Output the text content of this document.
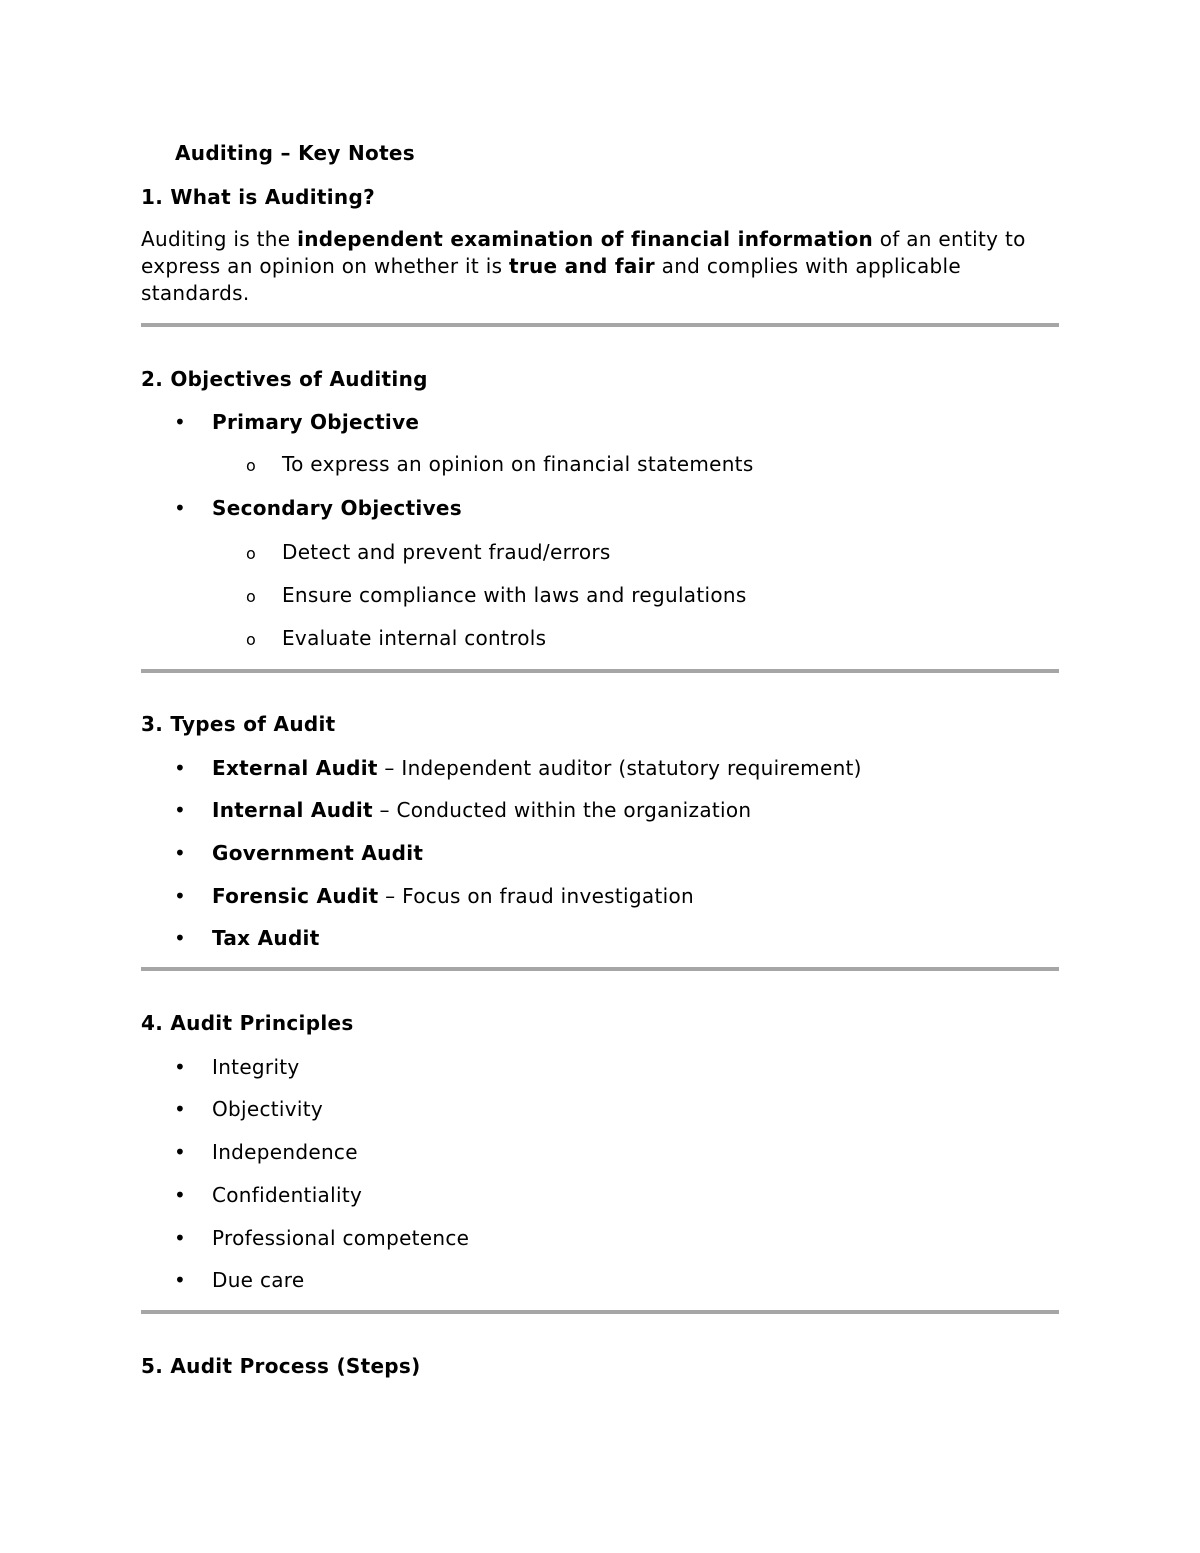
Auditing – Key Notes
1. What is Auditing?

Auditing is the independent examination of financial information of an entity to express an opinion on whether it is true and fair and complies with applicable standards.

2. Objectives of Auditing
• Primary Objective
o To express an opinion on financial statements
• Secondary Objectives
o Detect and prevent fraud/errors
o Ensure compliance with laws and regulations
o Evaluate internal controls
3. Types of Audit
• External Audit – Independent auditor (statutory requirement)
• Internal Audit – Conducted within the organization
• Government Audit
• Forensic Audit – Focus on fraud investigation
• Tax Audit
4. Audit Principles
• Integrity
• Objectivity
• Independence
• Confidentiality
• Professional competence
• Due care
5. Audit Process (Steps)
